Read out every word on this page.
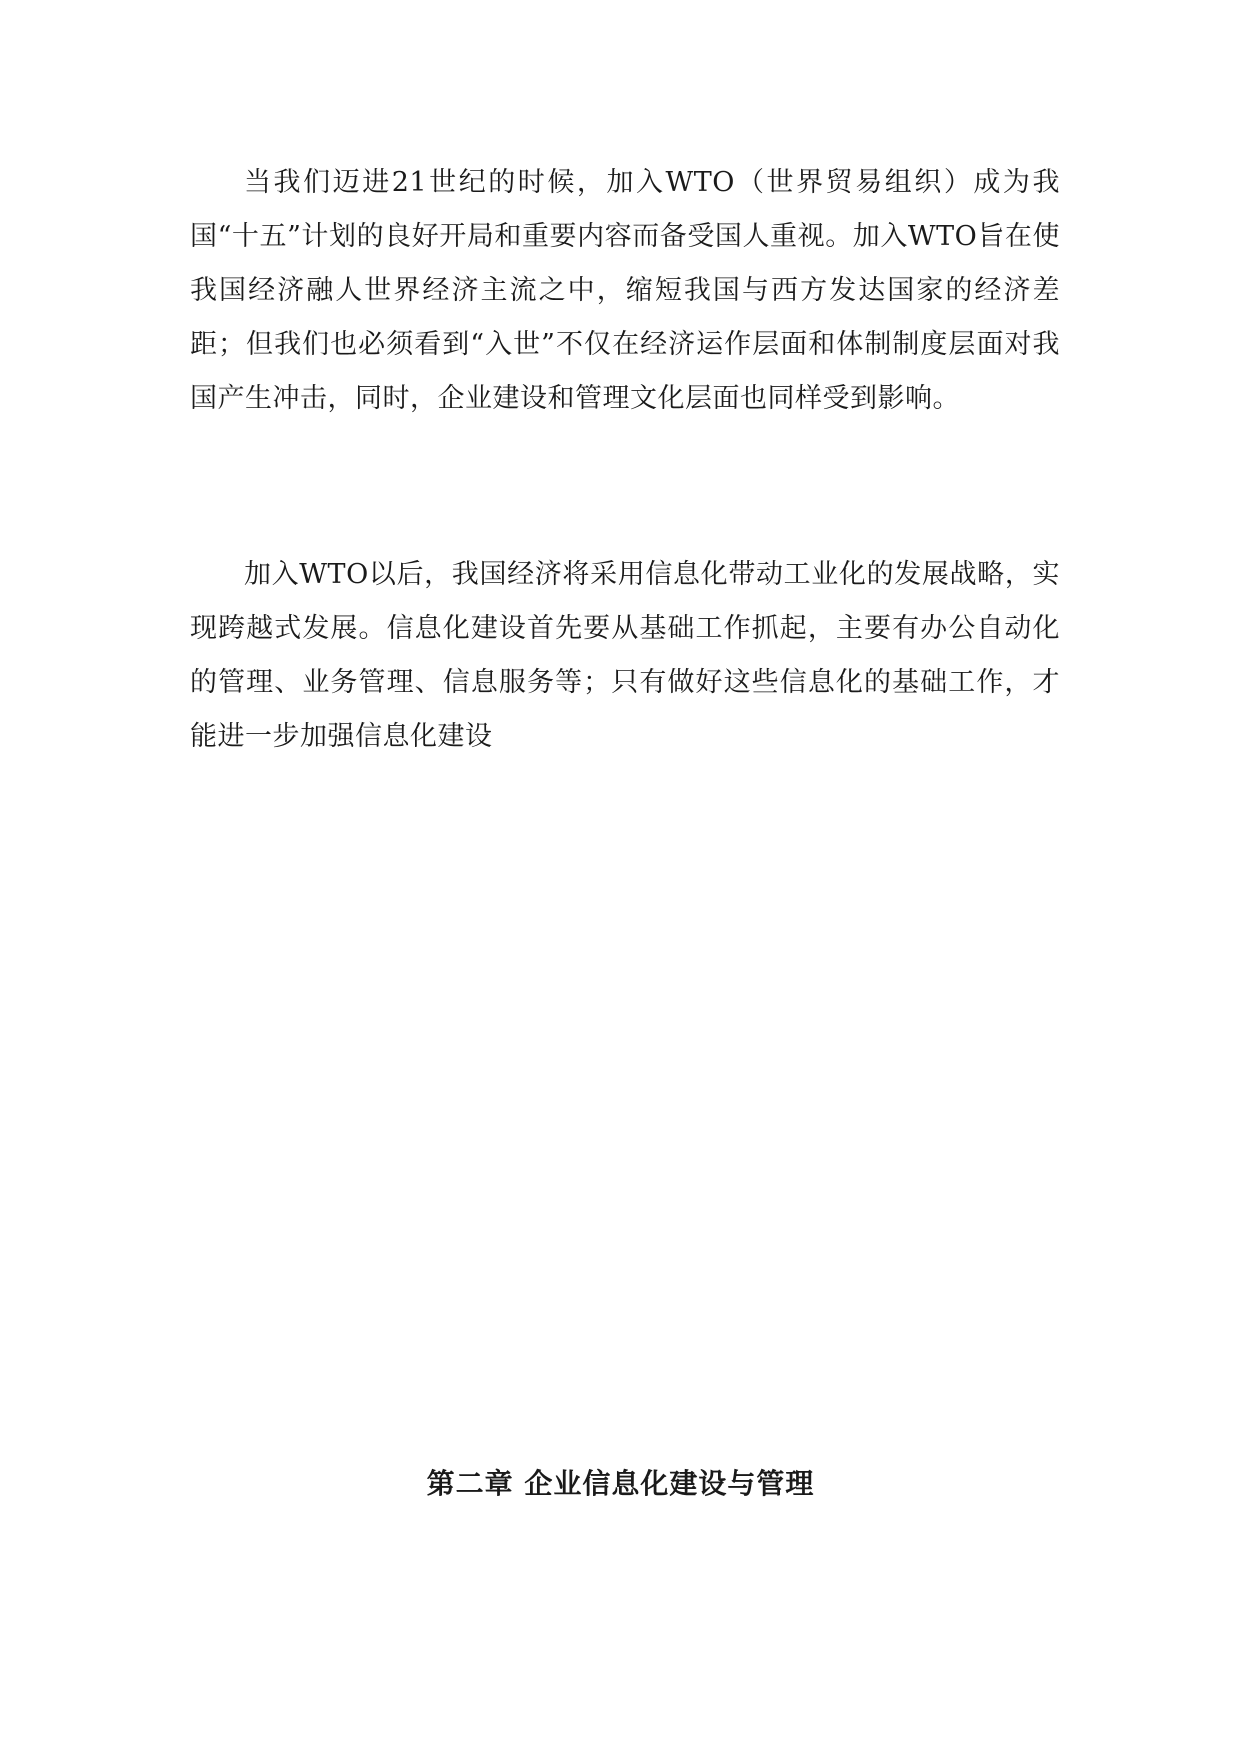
当我们迈进21世纪的时候，加入WTO（世界贸易组织）成为我国“十五”计划的良好开局和重要内容而备受国人重视。加入WTO旨在使我国经济融人世界经济主流之中，缩短我国与西方发达国家的经济差距；但我们也必须看到“入世”不仅在经济运作层面和体制制度层面对我国产生冲击，同时，企业建设和管理文化层面也同样受到影响。

加入WTO以后，我国经济将采用信息化带动工业化的发展战略，实现跨越式发展。信息化建设首先要从基础工作抓起，主要有办公自动化的管理、业务管理、信息服务等；只有做好这些信息化的基础工作，才能进一步加强信息化建设

第二章 企业信息化建设与管理
